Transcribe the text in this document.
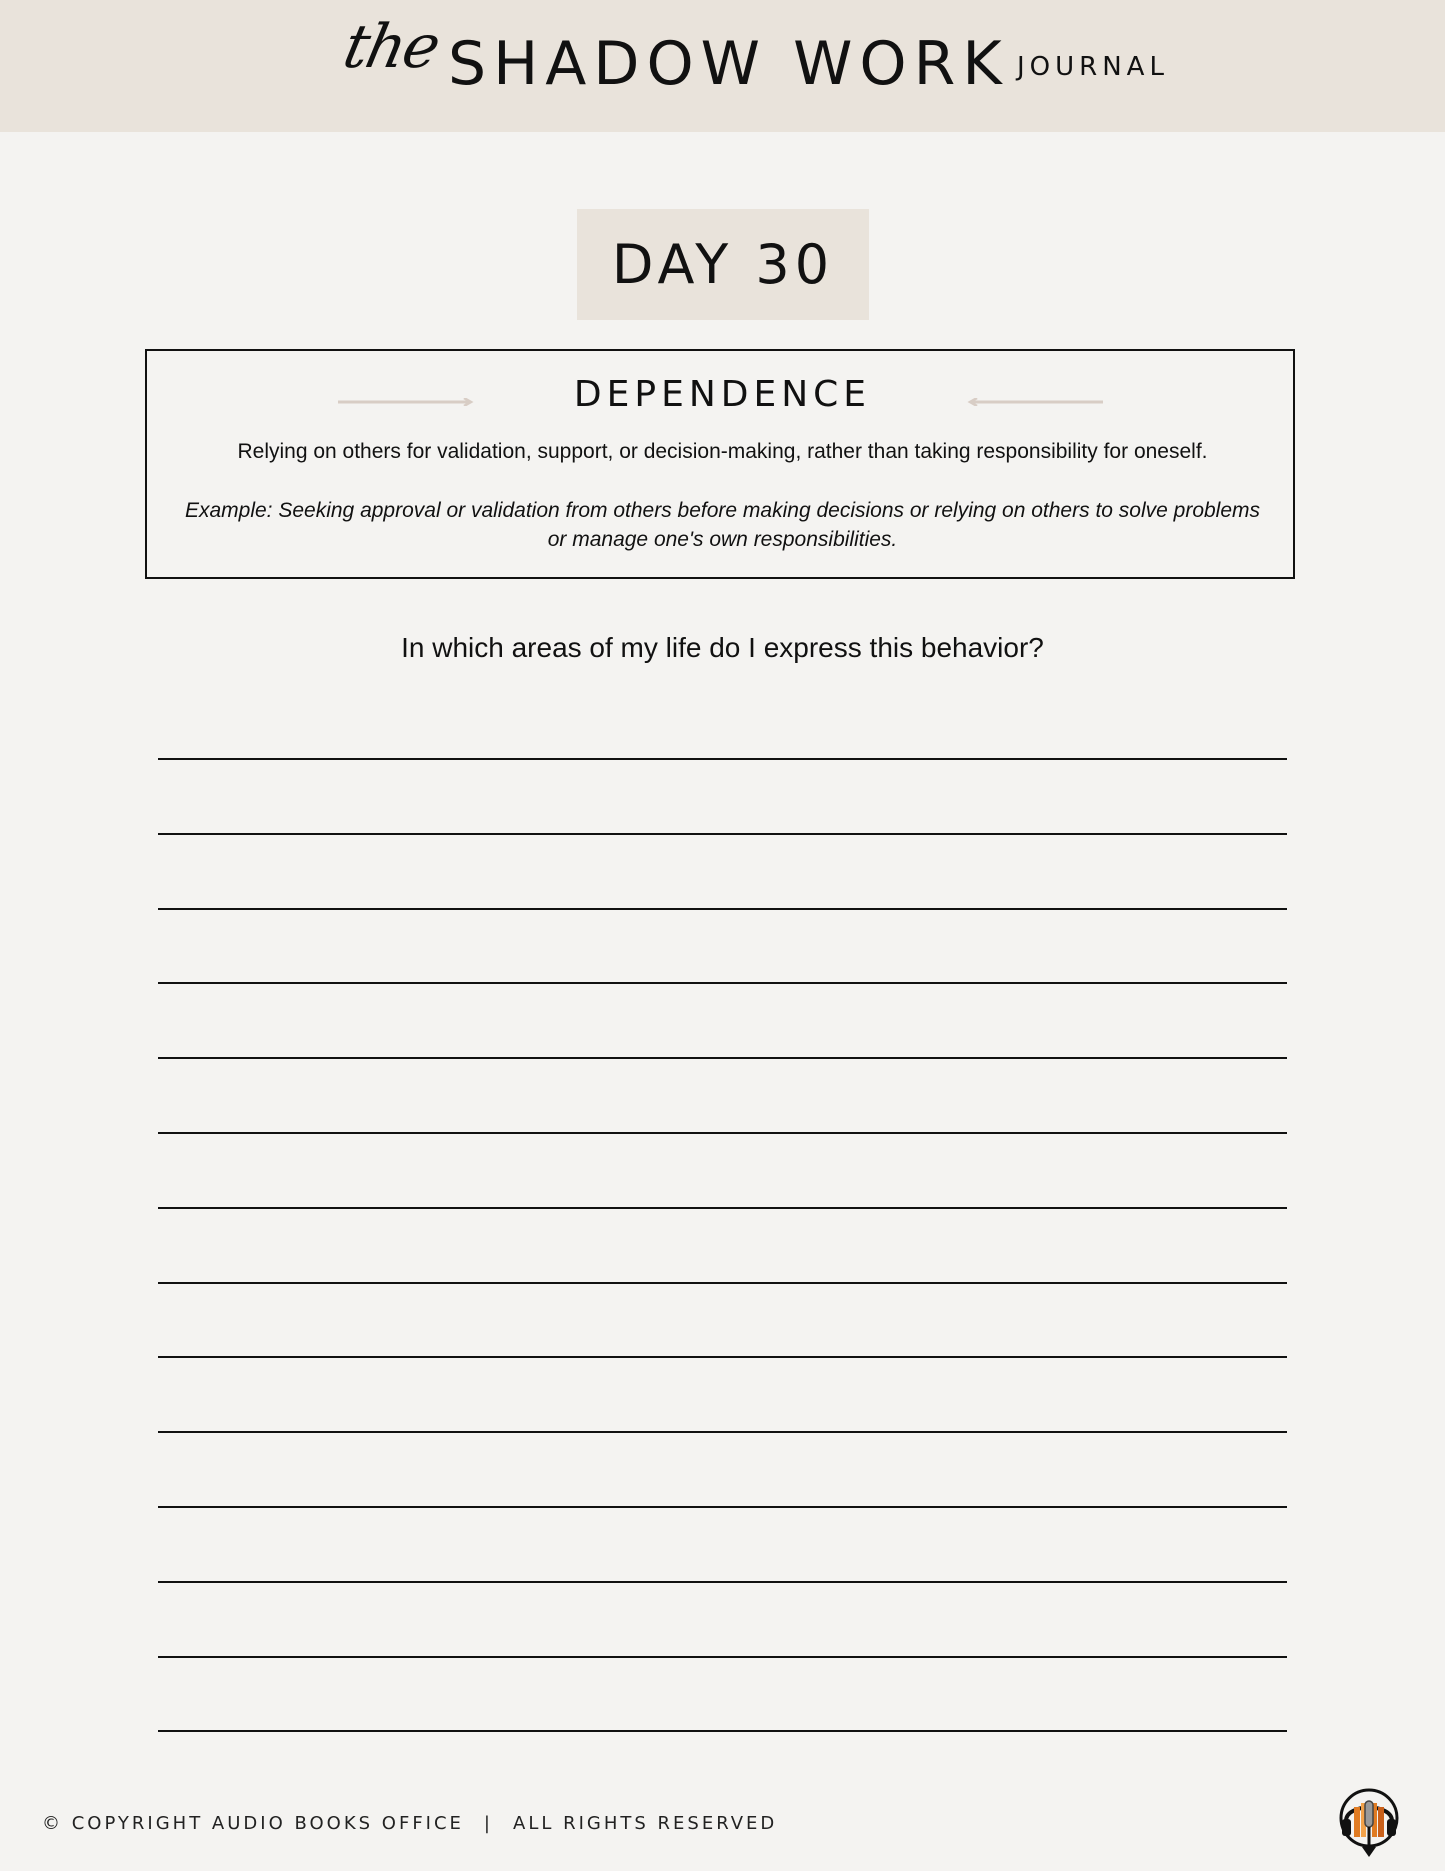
the SHADOW WORK JOURNAL
DAY 30
DEPENDENCE
Relying on others for validation, support, or decision-making, rather than taking responsibility for oneself.
Example: Seeking approval or validation from others before making decisions or relying on others to solve problems
or manage one's own responsibilities.
In which areas of my life do I express this behavior?
© COPYRIGHT AUDIO BOOKS OFFICE | ALL RIGHTS RESERVED
